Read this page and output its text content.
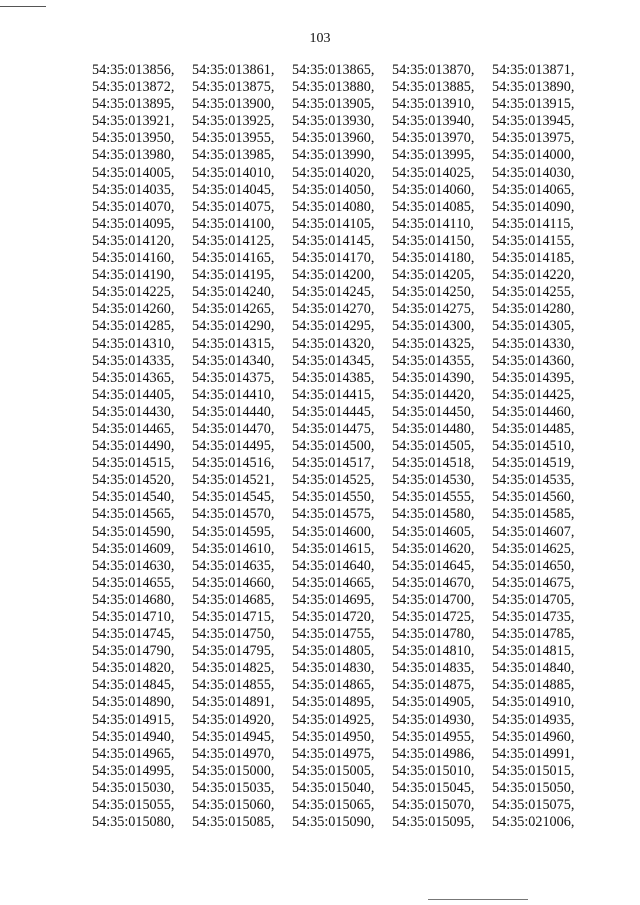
103
54:35:013856,	54:35:013861,	54:35:013865,	54:35:013870,	54:35:013871,
54:35:013872,	54:35:013875,	54:35:013880,	54:35:013885,	54:35:013890,
54:35:013895,	54:35:013900,	54:35:013905,	54:35:013910,	54:35:013915,
54:35:013921,	54:35:013925,	54:35:013930,	54:35:013940,	54:35:013945,
54:35:013950,	54:35:013955,	54:35:013960,	54:35:013970,	54:35:013975,
54:35:013980,	54:35:013985,	54:35:013990,	54:35:013995,	54:35:014000,
54:35:014005,	54:35:014010,	54:35:014020,	54:35:014025,	54:35:014030,
54:35:014035,	54:35:014045,	54:35:014050,	54:35:014060,	54:35:014065,
54:35:014070,	54:35:014075,	54:35:014080,	54:35:014085,	54:35:014090,
54:35:014095,	54:35:014100,	54:35:014105,	54:35:014110,	54:35:014115,
54:35:014120,	54:35:014125,	54:35:014145,	54:35:014150,	54:35:014155,
54:35:014160,	54:35:014165,	54:35:014170,	54:35:014180,	54:35:014185,
54:35:014190,	54:35:014195,	54:35:014200,	54:35:014205,	54:35:014220,
54:35:014225,	54:35:014240,	54:35:014245,	54:35:014250,	54:35:014255,
54:35:014260,	54:35:014265,	54:35:014270,	54:35:014275,	54:35:014280,
54:35:014285,	54:35:014290,	54:35:014295,	54:35:014300,	54:35:014305,
54:35:014310,	54:35:014315,	54:35:014320,	54:35:014325,	54:35:014330,
54:35:014335,	54:35:014340,	54:35:014345,	54:35:014355,	54:35:014360,
54:35:014365,	54:35:014375,	54:35:014385,	54:35:014390,	54:35:014395,
54:35:014405,	54:35:014410,	54:35:014415,	54:35:014420,	54:35:014425,
54:35:014430,	54:35:014440,	54:35:014445,	54:35:014450,	54:35:014460,
54:35:014465,	54:35:014470,	54:35:014475,	54:35:014480,	54:35:014485,
54:35:014490,	54:35:014495,	54:35:014500,	54:35:014505,	54:35:014510,
54:35:014515,	54:35:014516,	54:35:014517,	54:35:014518,	54:35:014519,
54:35:014520,	54:35:014521,	54:35:014525,	54:35:014530,	54:35:014535,
54:35:014540,	54:35:014545,	54:35:014550,	54:35:014555,	54:35:014560,
54:35:014565,	54:35:014570,	54:35:014575,	54:35:014580,	54:35:014585,
54:35:014590,	54:35:014595,	54:35:014600,	54:35:014605,	54:35:014607,
54:35:014609,	54:35:014610,	54:35:014615,	54:35:014620,	54:35:014625,
54:35:014630,	54:35:014635,	54:35:014640,	54:35:014645,	54:35:014650,
54:35:014655,	54:35:014660,	54:35:014665,	54:35:014670,	54:35:014675,
54:35:014680,	54:35:014685,	54:35:014695,	54:35:014700,	54:35:014705,
54:35:014710,	54:35:014715,	54:35:014720,	54:35:014725,	54:35:014735,
54:35:014745,	54:35:014750,	54:35:014755,	54:35:014780,	54:35:014785,
54:35:014790,	54:35:014795,	54:35:014805,	54:35:014810,	54:35:014815,
54:35:014820,	54:35:014825,	54:35:014830,	54:35:014835,	54:35:014840,
54:35:014845,	54:35:014855,	54:35:014865,	54:35:014875,	54:35:014885,
54:35:014890,	54:35:014891,	54:35:014895,	54:35:014905,	54:35:014910,
54:35:014915,	54:35:014920,	54:35:014925,	54:35:014930,	54:35:014935,
54:35:014940,	54:35:014945,	54:35:014950,	54:35:014955,	54:35:014960,
54:35:014965,	54:35:014970,	54:35:014975,	54:35:014986,	54:35:014991,
54:35:014995,	54:35:015000,	54:35:015005,	54:35:015010,	54:35:015015,
54:35:015030,	54:35:015035,	54:35:015040,	54:35:015045,	54:35:015050,
54:35:015055,	54:35:015060,	54:35:015065,	54:35:015070,	54:35:015075,
54:35:015080,	54:35:015085,	54:35:015090,	54:35:015095,	54:35:021006,
